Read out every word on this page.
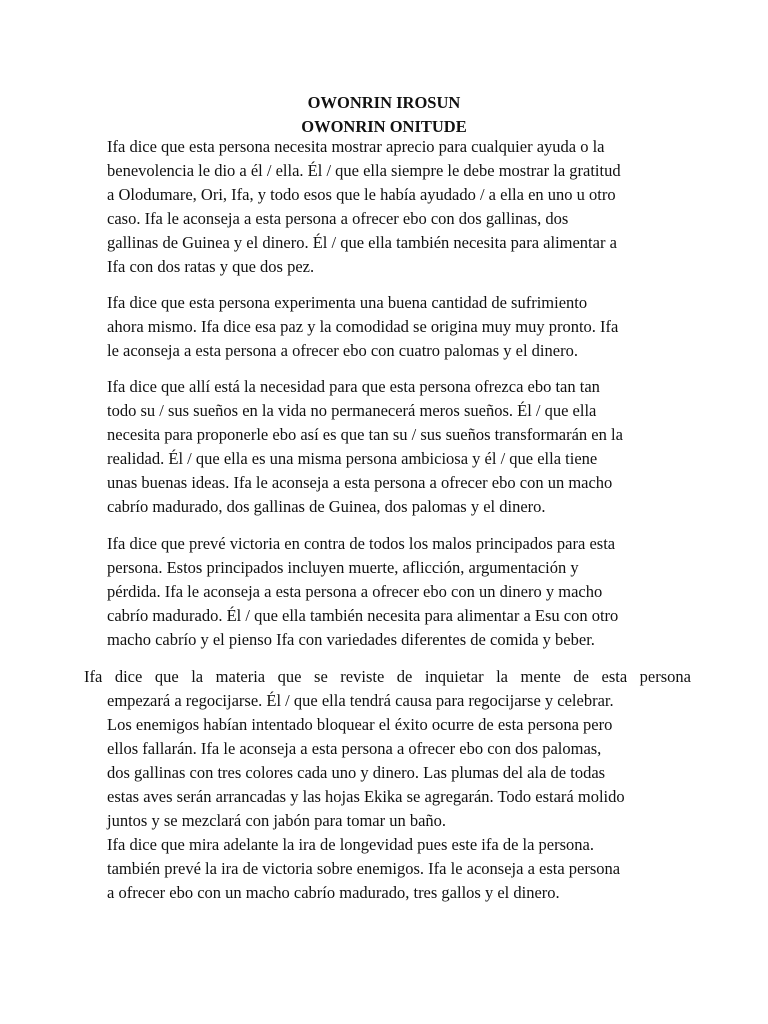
OWONRIN IROSUN
OWONRIN ONITUDE

Ifa dice que esta persona necesita mostrar aprecio para cualquier ayuda o la
benevolencia le dio a él / ella. Él / que ella siempre le debe mostrar la gratitud
a Olodumare, Ori, Ifa, y todo esos que le había ayudado / a ella en uno u otro
caso. Ifa le aconseja a esta persona a ofrecer ebo con dos gallinas, dos
gallinas de Guinea y el dinero. Él / que ella también necesita para alimentar a
Ifa con dos ratas y que dos pez.

Ifa dice que esta persona experimenta una buena cantidad de sufrimiento
ahora mismo. Ifa dice esa paz y la comodidad se origina muy muy pronto. Ifa
le aconseja a esta persona a ofrecer ebo con cuatro palomas y el dinero.

Ifa dice que allí está la necesidad para que esta persona ofrezca ebo tan tan
todo su / sus sueños en la vida no permanecerá meros sueños. Él / que ella
necesita para proponerle ebo así es que tan su / sus sueños transformarán en la
realidad. Él / que ella es una misma persona ambiciosa y él / que ella tiene
unas buenas ideas. Ifa le aconseja a esta persona a ofrecer ebo con un macho
cabrío madurado, dos gallinas de Guinea, dos palomas y el dinero.

Ifa dice que prevé victoria en contra de todos los malos principados para esta
persona. Estos principados incluyen muerte, aflicción, argumentación y
pérdida. Ifa le aconseja a esta persona a ofrecer ebo con un dinero y macho
cabrío madurado. Él / que ella también necesita para alimentar a Esu con otro
macho cabrío y el pienso Ifa con variedades diferentes de comida y beber.

Ifa dice que la materia que se reviste de inquietar la mente de esta persona
empezará a regocijarse. Él / que ella tendrá causa para regocijarse y celebrar.
Los enemigos habían intentado bloquear el éxito ocurre de esta persona pero
ellos fallarán. Ifa le aconseja a esta persona a ofrecer ebo con dos palomas,
dos gallinas con tres colores cada uno y dinero. Las plumas del ala de todas
estas aves serán arrancadas y las hojas Ekika se agregarán. Todo estará molido
juntos y se mezclará con jabón para tomar un baño.

Ifa dice que mira adelante la ira de longevidad pues este ifa de la persona.
también prevé la ira de victoria sobre enemigos. Ifa le aconseja a esta persona
a ofrecer ebo con un macho cabrío madurado, tres gallos y el dinero.
